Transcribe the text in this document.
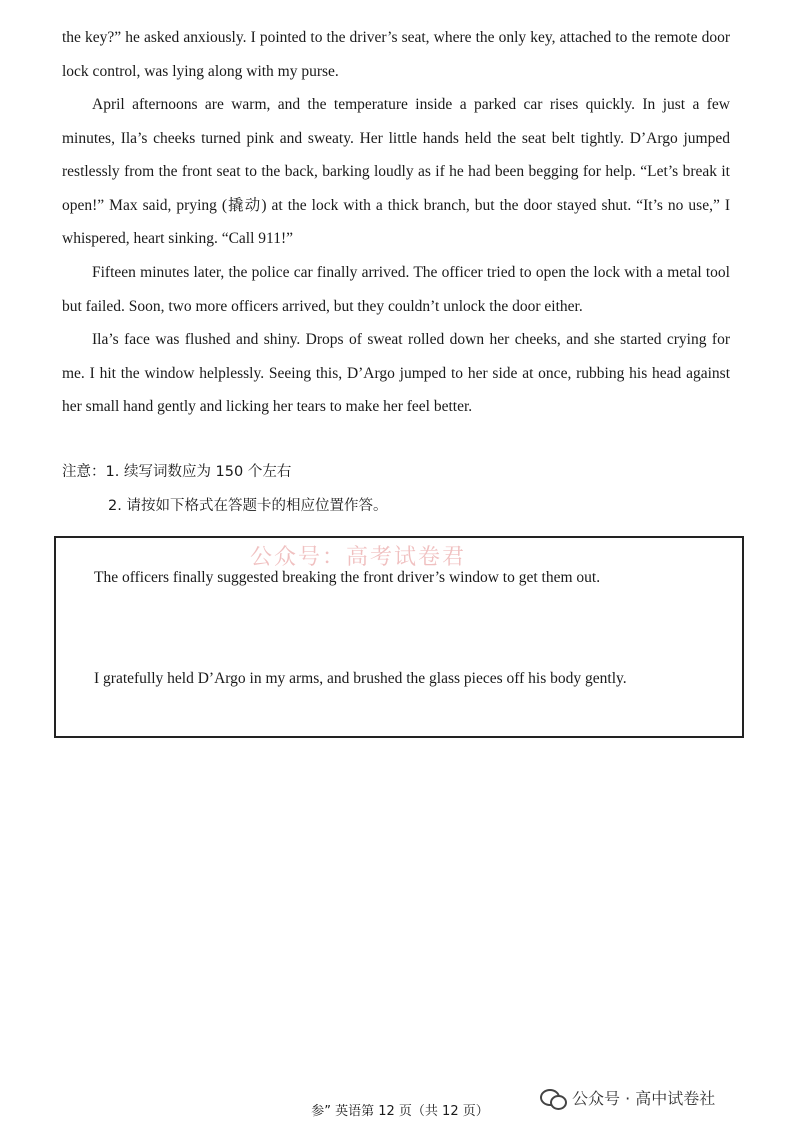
the key?” he asked anxiously. I pointed to the driver’s seat, where the only key, attached to the remote door lock control, was lying along with my purse.

April afternoons are warm, and the temperature inside a parked car rises quickly. In just a few minutes, Ila’s cheeks turned pink and sweaty. Her little hands held the seat belt tightly. D’Argo jumped restlessly from the front seat to the back, barking loudly as if he had been begging for help. “Let’s break it open!” Max said, prying (撬动) at the lock with a thick branch, but the door stayed shut. “It’s no use,” I whispered, heart sinking. “Call 911!”

Fifteen minutes later, the police car finally arrived. The officer tried to open the lock with a metal tool but failed. Soon, two more officers arrived, but they couldn’t unlock the door either.

Ila’s face was flushed and shiny. Drops of sweat rolled down her cheeks, and she started crying for me. I hit the window helplessly. Seeing this, D’Argo jumped to her side at once, rubbing his head against her small hand gently and licking her tears to make her feel better.

注意：1. 续写词数应为 150 个左右
2. 请按如下格式在答题卡的相应位置作答。
The officers finally suggested breaking the front driver’s window to get them out.
I gratefully held D’Argo in my arms, and brushed the glass pieces off his body gently.
公众号：高考试卷君
参” 英语第 12 页（共 12 页）
公众号 · 高中试卷社
